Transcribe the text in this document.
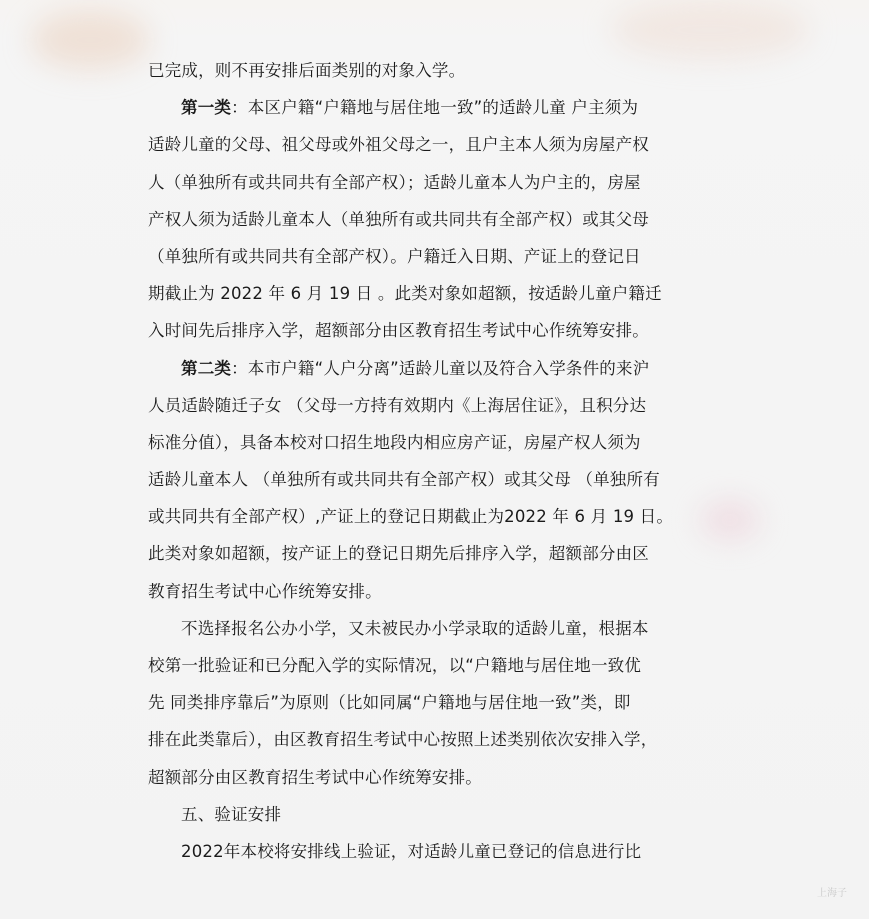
已完成，则不再安排后面类别的对象入学。
第一类：本区户籍“户籍地与居住地一致”的适龄儿童 户主须为
适龄儿童的父母、祖父母或外祖父母之一，且户主本人须为房屋产权
人（单独所有或共同共有全部产权）；适龄儿童本人为户主的，房屋
产权人须为适龄儿童本人（单独所有或共同共有全部产权）或其父母
（单独所有或共同共有全部产权）。户籍迁入日期、产证上的登记日
期截止为 2022 年 6 月 19 日 。此类对象如超额，按适龄儿童户籍迁
入时间先后排序入学，超额部分由区教育招生考试中心作统筹安排。
第二类：本市户籍“人户分离”适龄儿童以及符合入学条件的来沪
人员适龄随迁子女 （父母一方持有效期内《上海居住证》，且积分达
标准分值），具备本校对口招生地段内相应房产证，房屋产权人须为
适龄儿童本人 （单独所有或共同共有全部产权）或其父母 （单独所有
或共同共有全部产权）,产证上的登记日期截止为2022 年 6 月 19 日。
此类对象如超额，按产证上的登记日期先后排序入学，超额部分由区
教育招生考试中心作统筹安排。
不选择报名公办小学，又未被民办小学录取的适龄儿童，根据本
校第一批验证和已分配入学的实际情况，以“户籍地与居住地一致优
先 同类排序靠后”为原则（比如同属“户籍地与居住地一致”类，即
排在此类靠后），由区教育招生考试中心按照上述类别依次安排入学，
超额部分由区教育招生考试中心作统筹安排。
五、验证安排
2022年本校将安排线上验证，对适龄儿童已登记的信息进行比
上海子
